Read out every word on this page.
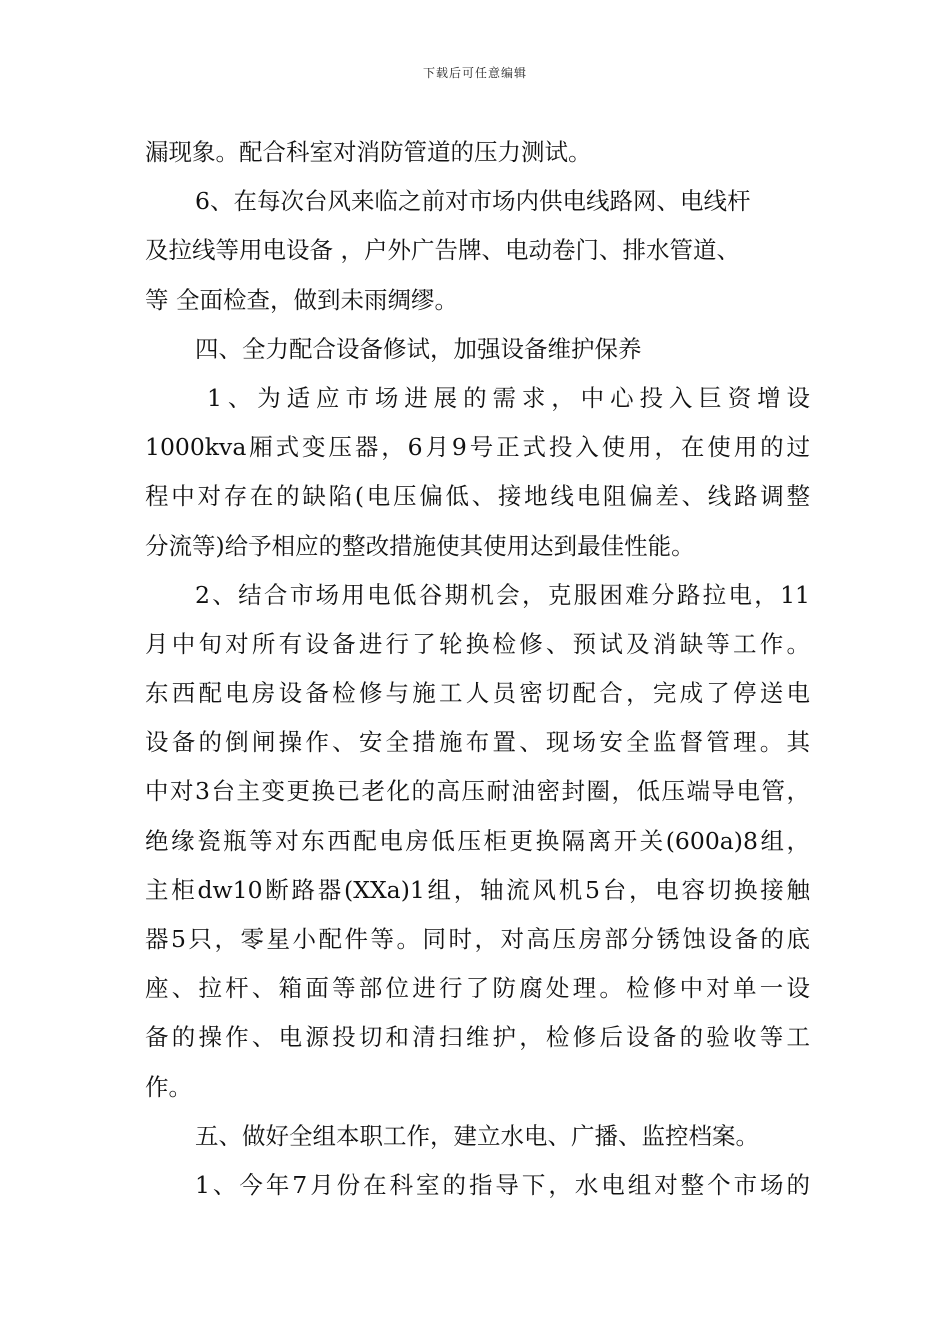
下载后可任意编辑
漏现象。配合科室对消防管道的压力测试。
6、在每次台风来临之前对市场内供电线路网、电线杆
及拉线等用电设备 ，户外广告牌、电动卷门、排水管道、
等 全面检查，做到未雨绸缪。
四、全力配合设备修试，加强设备维护保养
1、为适应市场进展的需求，中心投入巨资增设
1000kva厢式变压器，6月9号正式投入使用，在使用的过
程中对存在的缺陷(电压偏低、接地线电阻偏差、线路调整
分流等)给予相应的整改措施使其使用达到最佳性能。
2、结合市场用电低谷期机会，克服困难分路拉电，11
月中旬对所有设备进行了轮换检修、预试及消缺等工作。
东西配电房设备检修与施工人员密切配合，完成了停送电
设备的倒闸操作、安全措施布置、现场安全监督管理。其
中对3台主变更换已老化的高压耐油密封圈，低压端导电管，
绝缘瓷瓶等对东西配电房低压柜更换隔离开关(600a)8组，
主柜dw10断路器(XXa)1组，轴流风机5台，电容切换接触
器5只，零星小配件等。同时，对高压房部分锈蚀设备的底
座、拉杆、箱面等部位进行了防腐处理。检修中对单一设
备的操作、电源投切和清扫维护，检修后设备的验收等工
作。
五、做好全组本职工作，建立水电、广播、监控档案。
1、今年7月份在科室的指导下，水电组对整个市场的
